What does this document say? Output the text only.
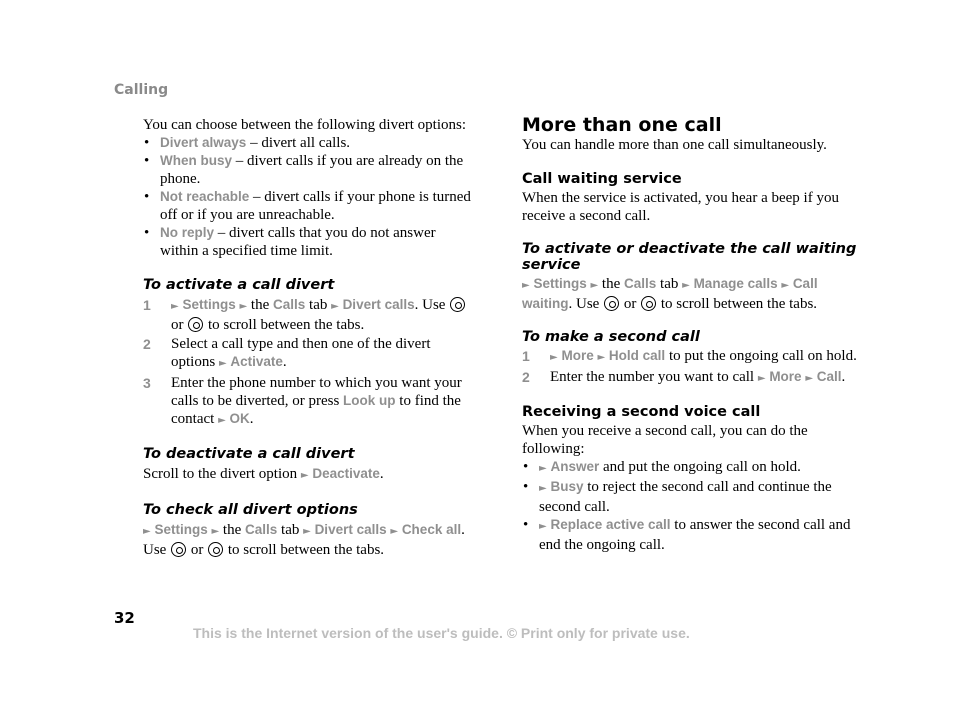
Calling
You can choose between the following divert options:
• Divert always – divert all calls.
• When busy – divert calls if you are already on the phone.
• Not reachable – divert calls if your phone is turned off or if you are unreachable.
• No reply – divert calls that you do not answer within a specified time limit.
To activate a call divert
1 ► Settings ► the Calls tab ► Divert calls. Use  or  to scroll between the tabs.
2 Select a call type and then one of the divert options ► Activate.
3 Enter the phone number to which you want your calls to be diverted, or press Look up to find the contact ► OK.
To deactivate a call divert
Scroll to the divert option ► Deactivate.
To check all divert options
► Settings ► the Calls tab ► Divert calls ► Check all.
Use  or  to scroll between the tabs.
More than one call
You can handle more than one call simultaneously.
Call waiting service
When the service is activated, you hear a beep if you receive a second call.
To activate or deactivate the call waiting service
► Settings ► the Calls tab ► Manage calls ► Call waiting. Use  or  to scroll between the tabs.
To make a second call
1 ► More ► Hold call to put the ongoing call on hold.
2 Enter the number you want to call ► More ► Call.
Receiving a second voice call
When you receive a second call, you can do the following:
• ► Answer and put the ongoing call on hold.
• ► Busy to reject the second call and continue the second call.
• ► Replace active call to answer the second call and end the ongoing call.
32
This is the Internet version of the user's guide. © Print only for private use.
